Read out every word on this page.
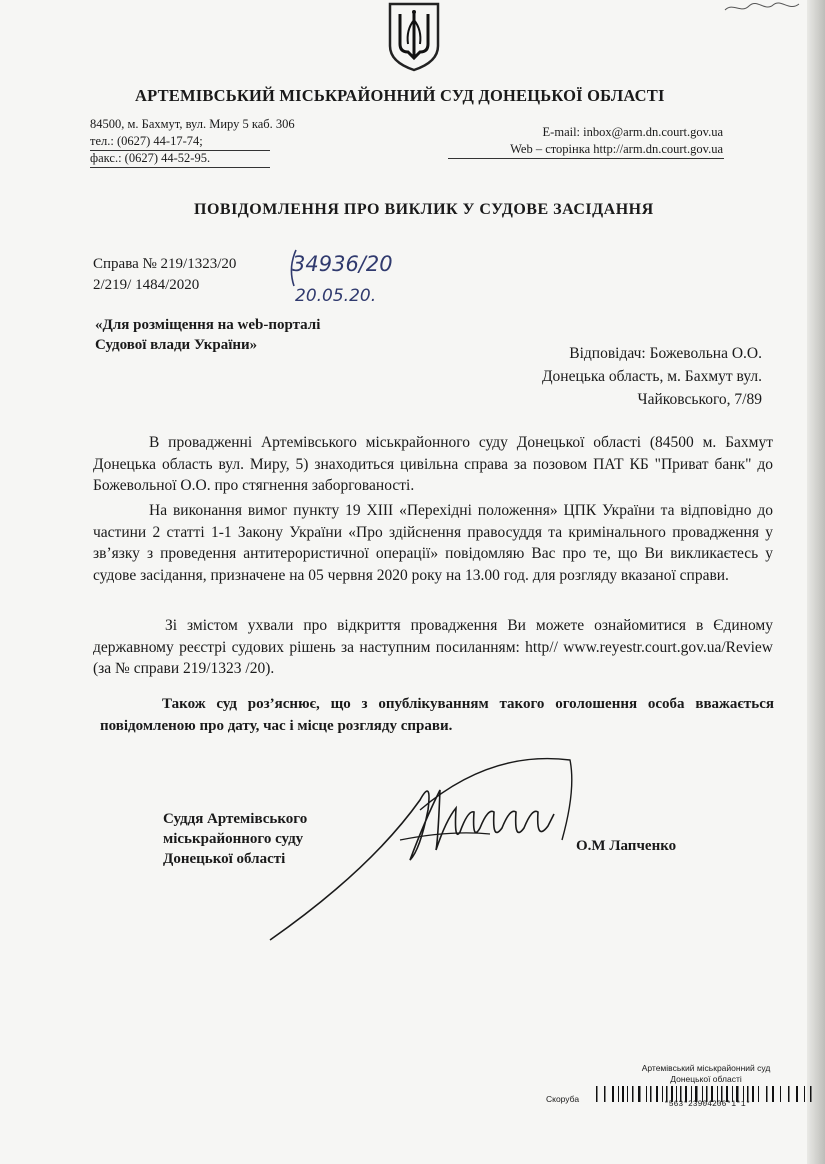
АРТЕМІВСЬКИЙ МІСЬКРАЙОННИЙ СУД ДОНЕЦЬКОЇ ОБЛАСТІ
84500, м. Бахмут, вул. Миру 5 каб. 306
тел.: (0627) 44-17-74;
факс.: (0627) 44-52-95.
E-mail: inbox@arm.dn.court.gov.ua
Web – сторінка http://arm.dn.court.gov.ua
ПОВІДОМЛЕННЯ ПРО ВИКЛИК У СУДОВЕ ЗАСІДАННЯ
Справа № 219/1323/20
2/219/ 1484/2020
34936/20
20.05.20.
«Для розміщення на web-порталі
Судової влади України»	Відповідач: Божевольна О.О.
Донецька область, м. Бахмут вул.
Чайковського, 7/89
В провадженні Артемівського міськрайонного суду Донецької області (84500 м. Бахмут Донецька область вул. Миру, 5) знаходиться цивільна справа за позовом ПАТ КБ "Приват банк" до Божевольної О.О. про стягнення заборгованості.
На виконання вимог пункту 19 XIII «Перехідні положення» ЦПК України та відповідно до частини 2 статті 1-1 Закону України «Про здійснення правосуддя та кримінального провадження у зв’язку з проведення антитерористичної операції» повідомляю Вас про те, що Ви викликаєтесь у судове засідання, призначене на 05 червня 2020 року на 13.00 год. для розгляду вказаної справи.
Зі змістом ухвали про відкриття провадження Ви можете ознайомитися в Єдиному державному реєстрі судових рішень за наступним посиланням: http// www.reyestr.court.gov.ua/Review (за № справи 219/1323 /20).
Також суд роз’яснює, що з опублікуванням такого оголошення особа вважається повідомленою про дату, час і місце розгляду справи.
Суддя Артемівського
міськрайонного суду
Донецької області
О.М Лапченко
Артемівський міськрайонний суд
Донецької області
Скоруба
*563*23904206*1*1*
